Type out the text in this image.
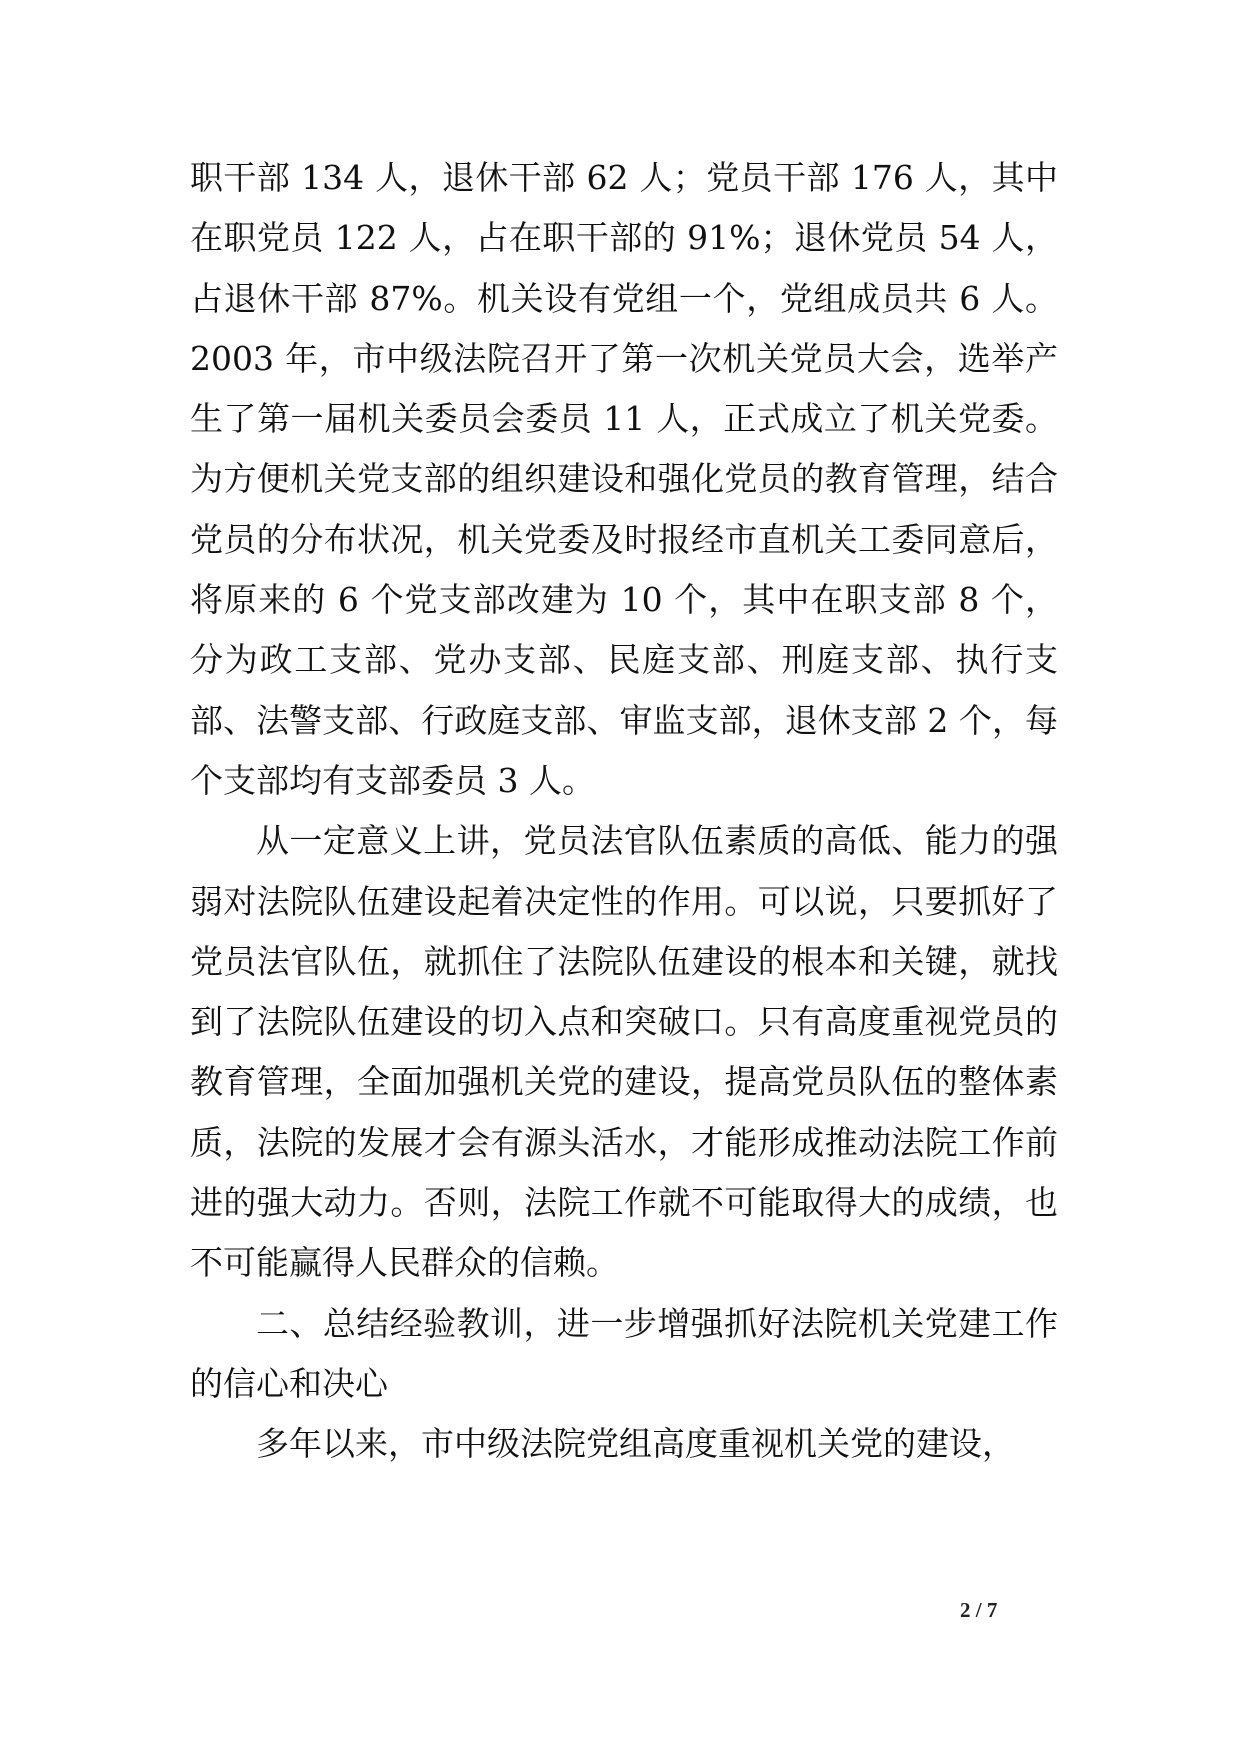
职干部 134 人，退休干部 62 人；党员干部 176 人，其中在职党员 122 人，占在职干部的 91%；退休党员 54 人，占退休干部 87%。机关设有党组一个，党组成员共 6 人。2003 年，市中级法院召开了第一次机关党员大会，选举产生了第一届机关委员会委员 11 人，正式成立了机关党委。为方便机关党支部的组织建设和强化党员的教育管理，结合党员的分布状况，机关党委及时报经市直机关工委同意后，将原来的 6 个党支部改建为 10 个，其中在职支部 8 个，分为政工支部、党办支部、民庭支部、刑庭支部、执行支部、法警支部、行政庭支部、审监支部，退休支部 2 个，每个支部均有支部委员 3 人。

从一定意义上讲，党员法官队伍素质的高低、能力的强弱对法院队伍建设起着决定性的作用。可以说，只要抓好了党员法官队伍，就抓住了法院队伍建设的根本和关键，就找到了法院队伍建设的切入点和突破口。只有高度重视党员的教育管理，全面加强机关党的建设，提高党员队伍的整体素质，法院的发展才会有源头活水，才能形成推动法院工作前进的强大动力。否则，法院工作就不可能取得大的成绩，也不可能赢得人民群众的信赖。

二、总结经验教训，进一步增强抓好法院机关党建工作的信心和决心

多年以来，市中级法院党组高度重视机关党的建设，

2 / 7
